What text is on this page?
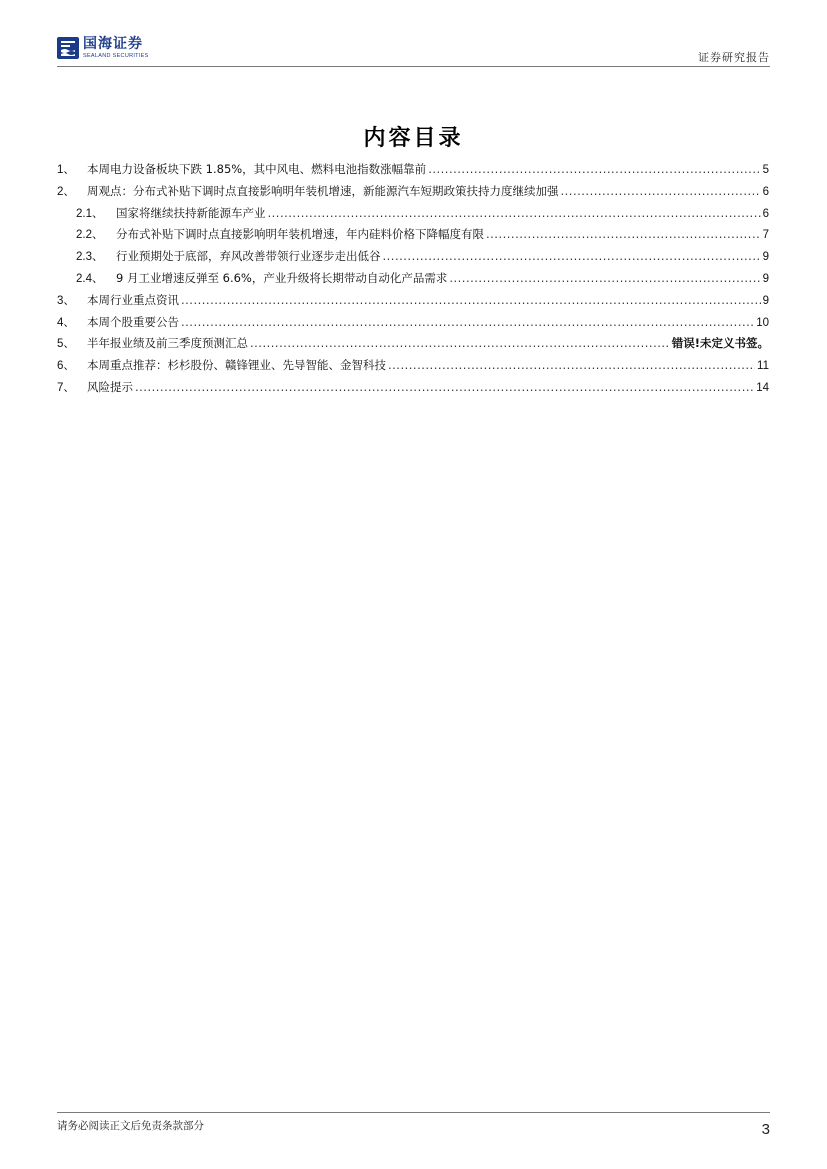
国海证券
SEALAND SECURITIES	证券研究报告
内容目录
1、	本周电力设备板块下跌 1.85%，其中风电、燃料电池指数涨幅靠前 .....	5
2、	周观点：分布式补贴下调时点直接影响明年装机增速，新能源汽车短期政策扶持力度继续加强 .....	6
2.1、	国家将继续扶持新能源车产业 .....	6
2.2、	分布式补贴下调时点直接影响明年装机增速，年内硅料价格下降幅度有限 .....	7
2.3、	行业预期处于底部，弃风改善带领行业逐步走出低谷 .....	9
2.4、	9 月工业增速反弹至 6.6%，产业升级将长期带动自动化产品需求 .....	9
3、	本周行业重点资讯 .....	9
4、	本周个股重要公告 .....	10
5、	半年报业绩及前三季度预测汇总 .....	错误!未定义书签。
6、	本周重点推荐：杉杉股份、赣锋锂业、先导智能、金智科技 .....	11
7、	风险提示 .....	14
请务必阅读正文后免责条款部分	3
